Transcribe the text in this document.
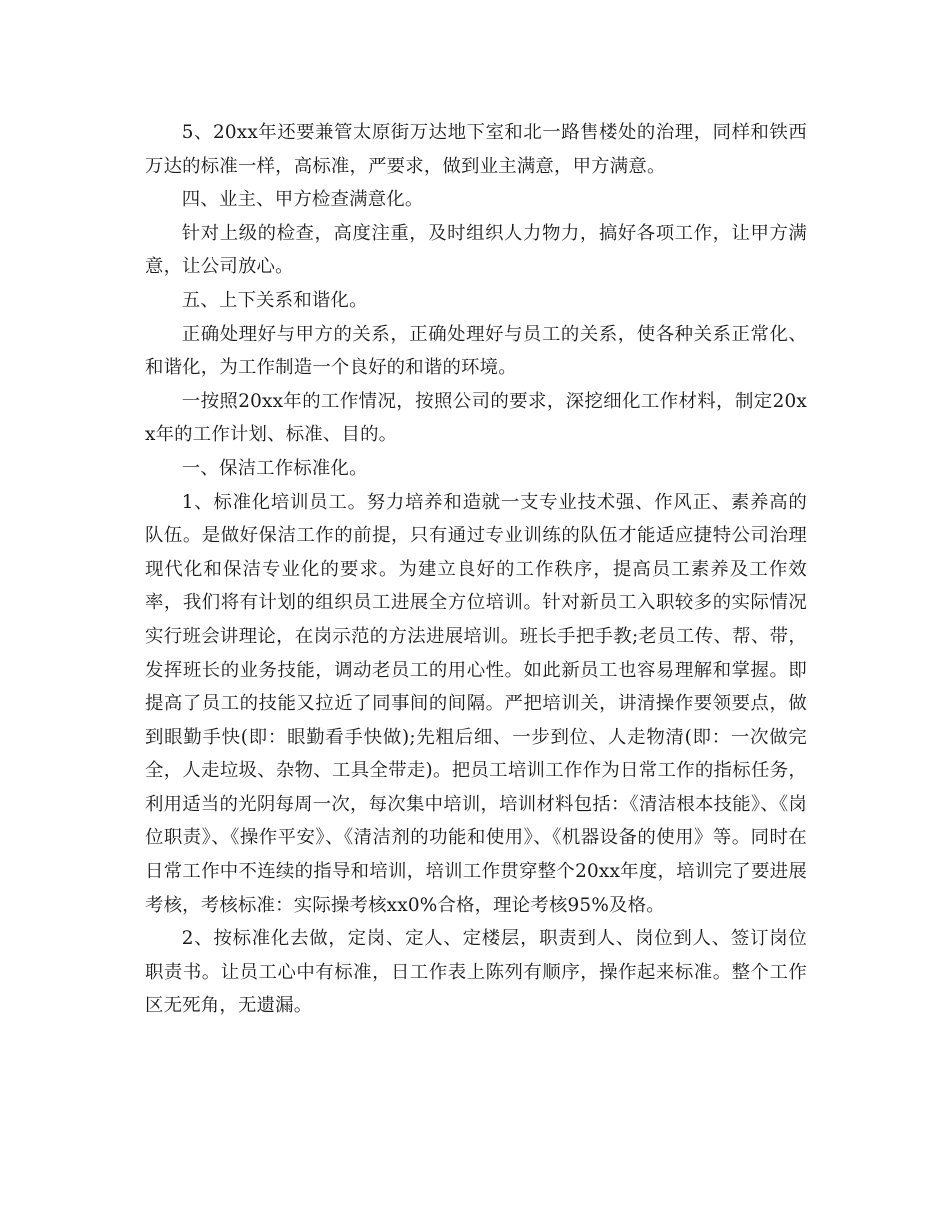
5、20xx年还要兼管太原街万达地下室和北一路售楼处的治理，同样和铁西万达的标准一样，高标准，严要求，做到业主满意，甲方满意。

四、业主、甲方检查满意化。

针对上级的检查，高度注重，及时组织人力物力，搞好各项工作，让甲方满意，让公司放心。

五、上下关系和谐化。

正确处理好与甲方的关系，正确处理好与员工的关系，使各种关系正常化、和谐化，为工作制造一个良好的和谐的环境。

一按照20xx年的工作情况，按照公司的要求，深挖细化工作材料，制定20xx年的工作计划、标准、目的。

一、保洁工作标准化。

1、标准化培训员工。努力培养和造就一支专业技术强、作风正、素养高的队伍。是做好保洁工作的前提，只有通过专业训练的队伍才能适应捷特公司治理现代化和保洁专业化的要求。为建立良好的工作秩序，提高员工素养及工作效率，我们将有计划的组织员工进展全方位培训。针对新员工入职较多的实际情况实行班会讲理论，在岗示范的方法进展培训。班长手把手教;老员工传、帮、带，发挥班长的业务技能，调动老员工的用心性。如此新员工也容易理解和掌握。即提高了员工的技能又拉近了同事间的间隔。严把培训关，讲清操作要领要点，做到眼勤手快(即：眼勤看手快做);先粗后细、一步到位、人走物清(即：一次做完全，人走垃圾、杂物、工具全带走)。把员工培训工作作为日常工作的指标任务，利用适当的光阴每周一次，每次集中培训，培训材料包括：《清洁根本技能》、《岗位职责》、《操作平安》、《清洁剂的功能和使用》、《机器设备的使用》等。同时在日常工作中不连续的指导和培训，培训工作贯穿整个20xx年度，培训完了要进展考核，考核标准：实际操考核xx0%合格，理论考核95%及格。

2、按标准化去做，定岗、定人、定楼层，职责到人、岗位到人、签订岗位职责书。让员工心中有标准，日工作表上陈列有顺序，操作起来标准。整个工作区无死角，无遗漏。
